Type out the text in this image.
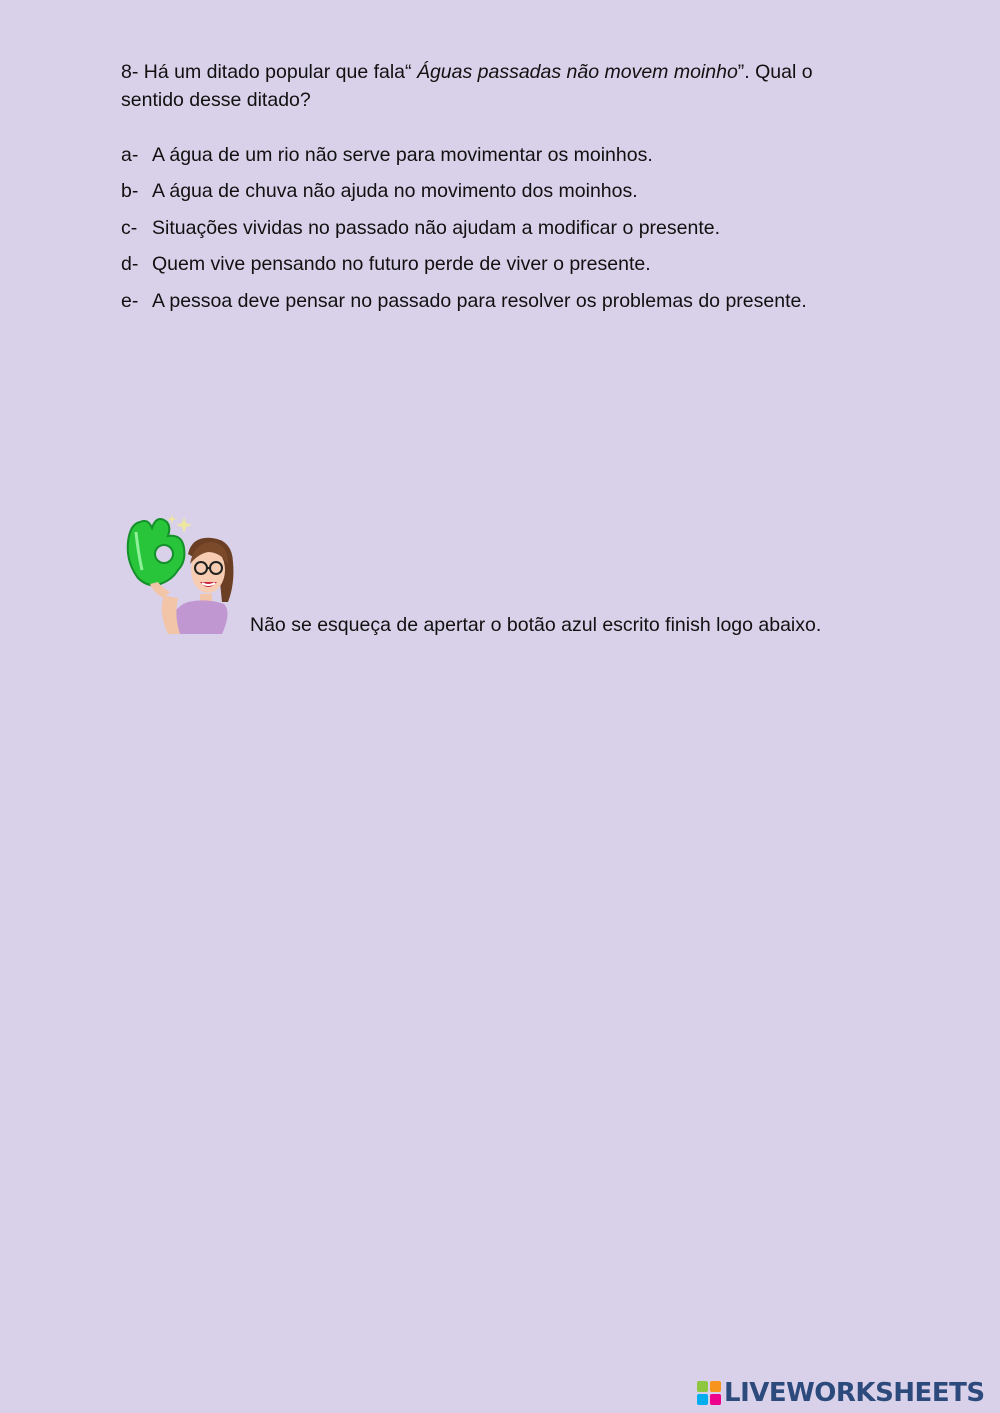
8- Há um ditado popular que fala“ Águas passadas não movem moinho”. Qual o sentido desse ditado?
a- A água de um rio não serve para movimentar os moinhos.
b- A água de chuva não ajuda no movimento dos moinhos.
c- Situações vividas no passado não ajudam a modificar o presente.
d- Quem vive pensando no futuro perde de viver o presente.
e- A pessoa deve pensar no passado para resolver os problemas do presente.
Não se esqueça de apertar o botão azul escrito finish logo abaixo.
LIVEWORKSHEETS
